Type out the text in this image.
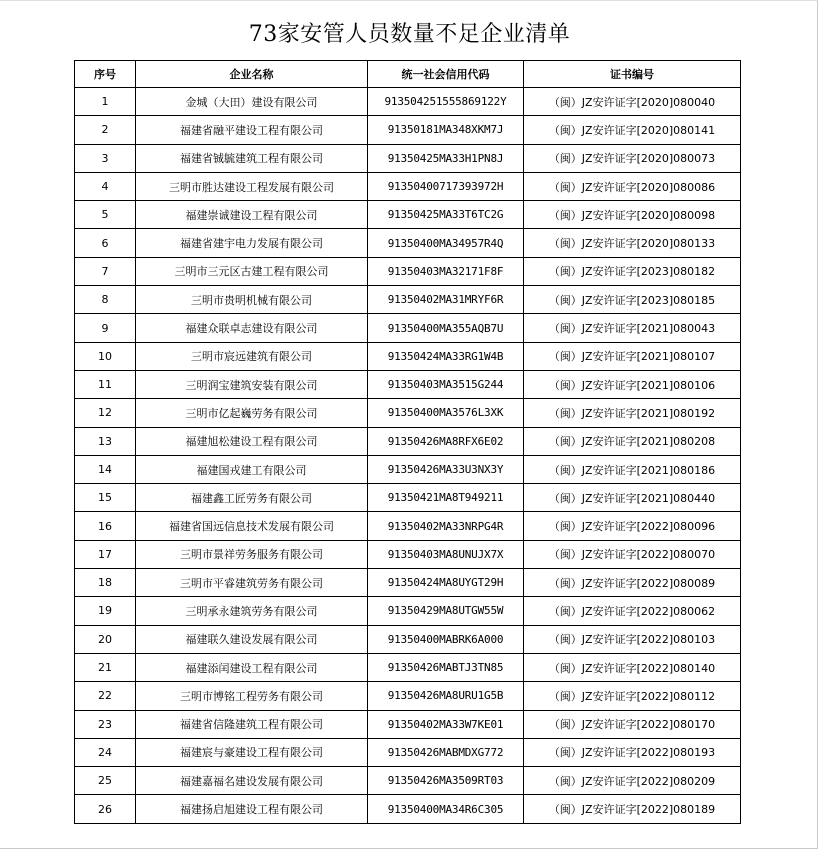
73家安管人员数量不足企业清单
序号	企业名称	统一社会信用代码	证书编号
1	金城（大田）建设有限公司	913504251555869122Y	（闽）JZ安许证字[2020]080040
2	福建省融平建设工程有限公司	91350181MA348XKM7J	（闽）JZ安许证字[2020]080141
3	福建省铖毓建筑工程有限公司	91350425MA33H1PN8J	（闽）JZ安许证字[2020]080073
4	三明市胜达建设工程发展有限公司	91350400717393972H	（闽）JZ安许证字[2020]080086
5	福建崇诚建设工程有限公司	91350425MA33T6TC2G	（闽）JZ安许证字[2020]080098
6	福建省建宇电力发展有限公司	91350400MA34957R4Q	（闽）JZ安许证字[2020]080133
7	三明市三元区古建工程有限公司	91350403MA32171F8F	（闽）JZ安许证字[2023]080182
8	三明市贵明机械有限公司	91350402MA31MRYF6R	（闽）JZ安许证字[2023]080185
9	福建众联卓志建设有限公司	91350400MA355AQB7U	（闽）JZ安许证字[2021]080043
10	三明市宸远建筑有限公司	91350424MA33RG1W4B	（闽）JZ安许证字[2021]080107
11	三明润宝建筑安装有限公司	91350403MA3515G244	（闽）JZ安许证字[2021]080106
12	三明市亿起巍劳务有限公司	91350400MA3576L3XK	（闽）JZ安许证字[2021]080192
13	福建旭松建设工程有限公司	91350426MA8RFX6E02	（闽）JZ安许证字[2021]080208
14	福建国戎建工有限公司	91350426MA33U3NX3Y	（闽）JZ安许证字[2021]080186
15	福建鑫工匠劳务有限公司	91350421MA8T949211	（闽）JZ安许证字[2021]080440
16	福建省国远信息技术发展有限公司	91350402MA33NRPG4R	（闽）JZ安许证字[2022]080096
17	三明市景祥劳务服务有限公司	91350403MA8UNUJX7X	（闽）JZ安许证字[2022]080070
18	三明市平睿建筑劳务有限公司	91350424MA8UYGT29H	（闽）JZ安许证字[2022]080089
19	三明承永建筑劳务有限公司	91350429MA8UTGW55W	（闽）JZ安许证字[2022]080062
20	福建联久建设发展有限公司	91350400MABRK6A000	（闽）JZ安许证字[2022]080103
21	福建添闰建设工程有限公司	91350426MABTJ3TN85	（闽）JZ安许证字[2022]080140
22	三明市博铭工程劳务有限公司	91350426MA8URU1G5B	（闽）JZ安许证字[2022]080112
23	福建省信隆建筑工程有限公司	91350402MA33W7KE01	（闽）JZ安许证字[2022]080170
24	福建宸与豪建设工程有限公司	91350426MABMDXG772	（闽）JZ安许证字[2022]080193
25	福建嘉福名建设发展有限公司	91350426MA3509RT03	（闽）JZ安许证字[2022]080209
26	福建扬启旭建设工程有限公司	91350400MA34R6C305	（闽）JZ安许证字[2022]080189
